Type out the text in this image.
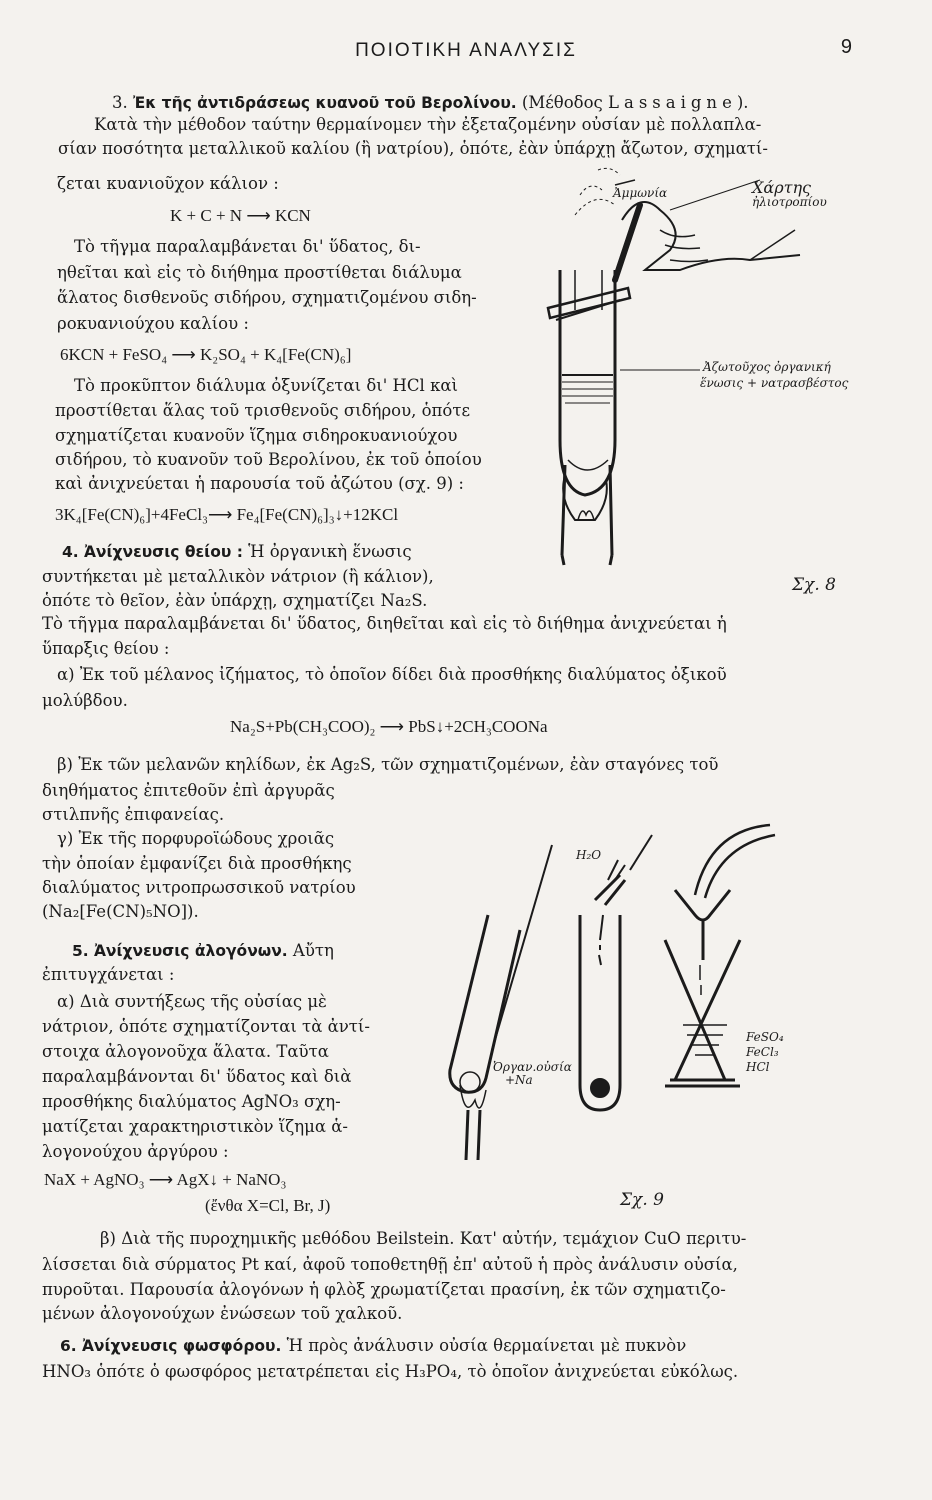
ΠΟΙΟΤΙΚΗ ΑΝΑΛΥΣΙΣ	9
3. Ἐκ τῆς ἀντιδράσεως κυανοῦ τοῦ Βερολίνου. (Μέθοδος Lassaigne).
Κατὰ τὴν μέθοδον ταύτην θερμαίνομεν τὴν ἐξεταζομένην οὐσίαν μὲ πολλαπλα-
σίαν ποσότητα μεταλλικοῦ καλίου (ἢ νατρίου), ὁπότε, ἐὰν ὑπάρχῃ ἄζωτον, σχηματί-
ζεται κυανιοῦχον κάλιον :
K + C + N ⟶ KCN
Τὸ τῆγμα παραλαμβάνεται δι' ὕδατος, δι-
ηθεῖται καὶ εἰς τὸ διήθημα προστίθεται διάλυμα
ἅλατος δισθενοῦς σιδήρου, σχηματιζομένου σιδη-
ροκυανιούχου καλίου :
6KCN + FeSO₄ ⟶ K₂SO₄ + K₄[Fe(CN)₆]
Τὸ προκῦπτον διάλυμα ὀξυνίζεται δι' HCl καὶ
προστίθεται ἅλας τοῦ τρισθενοῦς σιδήρου, ὁπότε
σχηματίζεται κυανοῦν ἵζημα σιδηροκυανιούχου
σιδήρου, τὸ κυανοῦν τοῦ Βερολίνου, ἐκ τοῦ ὁποίου
καὶ ἀνιχνεύεται ἡ παρουσία τοῦ ἀζώτου (σχ. 9) :
3K₄[Fe(CN)₆]+4FeCl₃⟶ Fe₄[Fe(CN)₆]₃↓+12KCl
Ἀμμωνία	Χάρτης
ἠλιοτροπίου
Ἀζωτοῦχος ὀργανική
ἕνωσις + νατρασβέστος
Σχ. 8
4. Ἀνίχνευσις θείου : Ἡ ὀργανικὴ ἕνωσις
συντήκεται μὲ μεταλλικὸν νάτριον (ἢ κάλιον),
ὁπότε τὸ θεῖον, ἐὰν ὑπάρχῃ, σχηματίζει Na₂S.
Τὸ τῆγμα παραλαμβάνεται δι' ὕδατος, διηθεῖται καὶ εἰς τὸ διήθημα ἀνιχνεύεται ἡ
ὕπαρξις θείου :
α) Ἐκ τοῦ μέλανος ἰζήματος, τὸ ὁποῖον δίδει διὰ προσθήκης διαλύματος ὀξικοῦ
μολύβδου.
Na₂S+Pb(CH₃COO)₂ ⟶ PbS↓+2CH₃COONa
β) Ἐκ τῶν μελανῶν κηλίδων, ἐκ Ag₂S, τῶν σχηματιζομένων, ἐὰν σταγόνες τοῦ
διηθήματος ἐπιτεθοῦν ἐπὶ ἀργυρᾶς
στιλπνῆς ἐπιφανείας.
γ) Ἐκ τῆς πορφυροϊώδους χροιᾶς
τὴν ὁποίαν ἐμφανίζει διὰ προσθήκης
διαλύματος νιτροπρωσσικοῦ νατρίου
(Na₂[Fe(CN)₅NO]).
H₂O
Ὀργαν.οὐσία
+Na
FeSO₄
FeCl₃
HCl
Σχ. 9
5. Ἀνίχνευσις ἀλογόνων. Αὔτη
ἐπιτυγχάνεται :
α) Διὰ συντήξεως τῆς οὐσίας μὲ
νάτριον, ὁπότε σχηματίζονται τὰ ἀντί-
στοιχα ἀλογονοῦχα ἅλατα. Ταῦτα
παραλαμβάνονται δι' ὕδατος καὶ διὰ
προσθήκης διαλύματος AgNO₃ σχη-
ματίζεται χαρακτηριστικὸν ἵζημα ἁ-
λογονούχου ἀργύρου :
NaX + AgNO₃ ⟶ AgX↓ + NaNO₃
(ἔνθα X=Cl, Br, J)
β) Διὰ τῆς πυροχημικῆς μεθόδου Beilstein. Κατ' αὐτήν, τεμάχιον CuO περιτυ-
λίσσεται διὰ σύρματος Pt καί, ἀφοῦ τοποθετηθῇ ἐπ' αὐτοῦ ἡ πρὸς ἀνάλυσιν οὐσία,
πυροῦται. Παρουσία ἀλογόνων ἡ φλὸξ χρωματίζεται πρασίνη, ἐκ τῶν σχηματιζο-
μένων ἀλογονούχων ἐνώσεων τοῦ χαλκοῦ.
6. Ἀνίχνευσις φωσφόρου. Ἡ πρὸς ἀνάλυσιν οὐσία θερμαίνεται μὲ πυκνὸν
HNO₃ ὁπότε ὁ φωσφόρος μετατρέπεται εἰς H₃PO₄, τὸ ὁποῖον ἀνιχνεύεται εὐκόλως.
